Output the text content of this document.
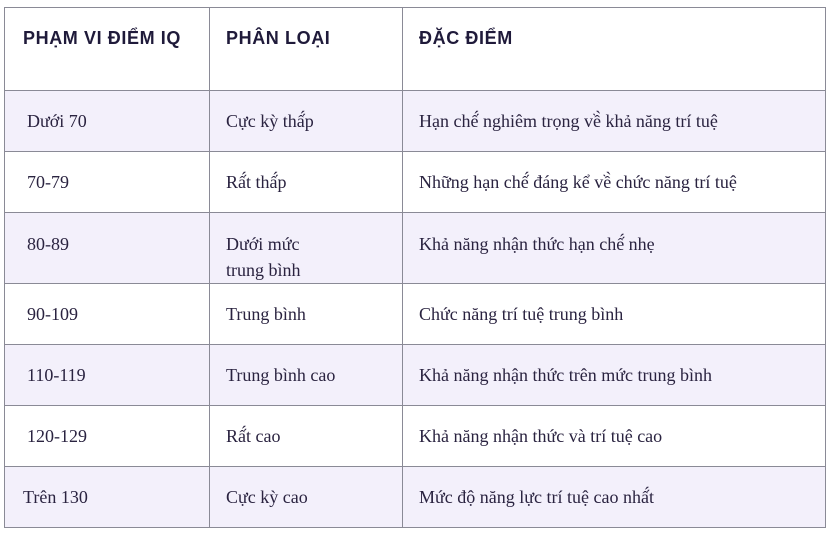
PHẠM VI ĐIỂM IQ	PHÂN LOẠI	ĐẶC ĐIỂM
Dưới 70	Cực kỳ thấ́p	Hạn chế́ nghiêm trọng về̀ khả năng trí tuệ
70-79	Rấ́t thấ́p	Những hạn chế́ đáng kể về̀ chức năng trí tuệ
80-89	Dưới mức trung bình	Khả năng nhận thức hạn chế́ nhẹ
90-109	Trung bình	Chức năng trí tuệ trung bình
110-119	Trung bình cao	Khả năng nhận thức trên mức trung bình
120-129	Rấ́t cao	Khả năng nhận thức và trí tuệ cao
Trên 130	Cực kỳ cao	Mức độ năng lực trí tuệ cao nhấ́t
